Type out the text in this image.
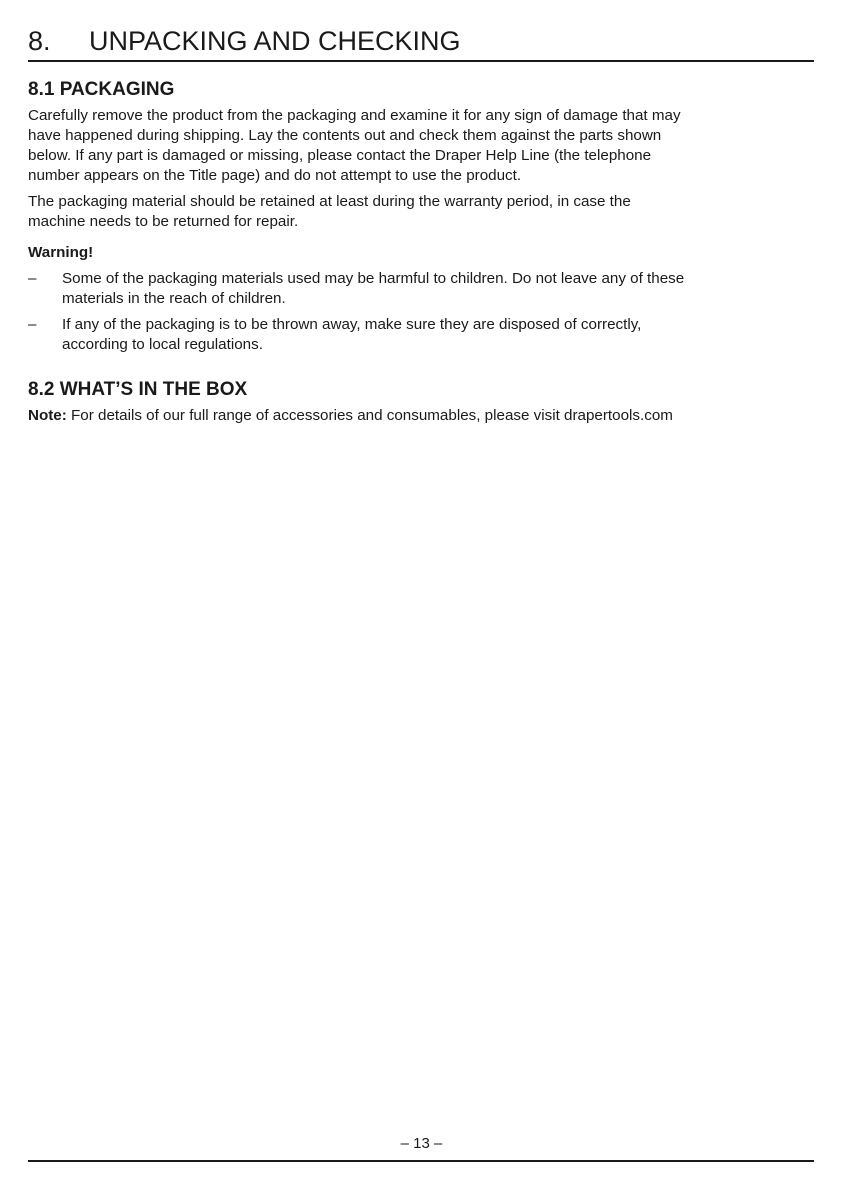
8. UNPACKING AND CHECKING
8.1 PACKAGING
Carefully remove the product from the packaging and examine it for any sign of damage that may
have happened during shipping. Lay the contents out and check them against the parts shown
below. If any part is damaged or missing, please contact the Draper Help Line (the telephone
number appears on the Title page) and do not attempt to use the product.
The packaging material should be retained at least during the warranty period, in case the
machine needs to be returned for repair.
Warning!
– Some of the packaging materials used may be harmful to children. Do not leave any of these
materials in the reach of children.
– If any of the packaging is to be thrown away, make sure they are disposed of correctly,
according to local regulations.
8.2 WHAT’S IN THE BOX
Note: For details of our full range of accessories and consumables, please visit drapertools.com
– 13 –
